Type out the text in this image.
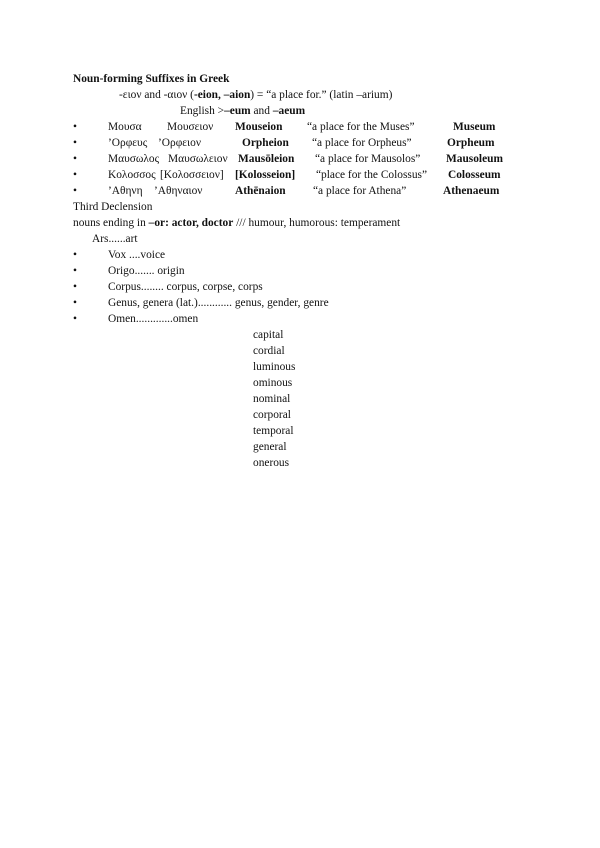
Noun-forming Suffixes in Greek
-ειον and -αιον (-eion, –aion) = “a place for.” (latin –arium)
English >–eum and –aeum
•	Μουσα Μουσειον Mouseion “a place for the Muses”	Museum
•	’Ορφευς ’Ορφειον	Orpheion “a place for Orpheus”	Orpheum
•	Μαυσωλος Μαυσωλειον Mausōleion “a place for Mausolos” Mausoleum
•	Κολοσσος [Κολοσσειον] [Kolosseion] “place for the Colossus” Colosseum
•	’Αθηνη ’Αθηναιον	Athēnaion “a place for Athena”	Athenaeum
Third Declension
nouns ending in –or: actor, doctor /// humour, humorous: temperament
Ars......art
•	Vox ....voice
•	Origo....... origin
•	Corpus........ corpus, corpse, corps
•	Genus, genera (lat.)............ genus, gender, genre
•	Omen.............omen
capital
cordial
luminous
ominous
nominal
corporal
temporal
general
onerous
